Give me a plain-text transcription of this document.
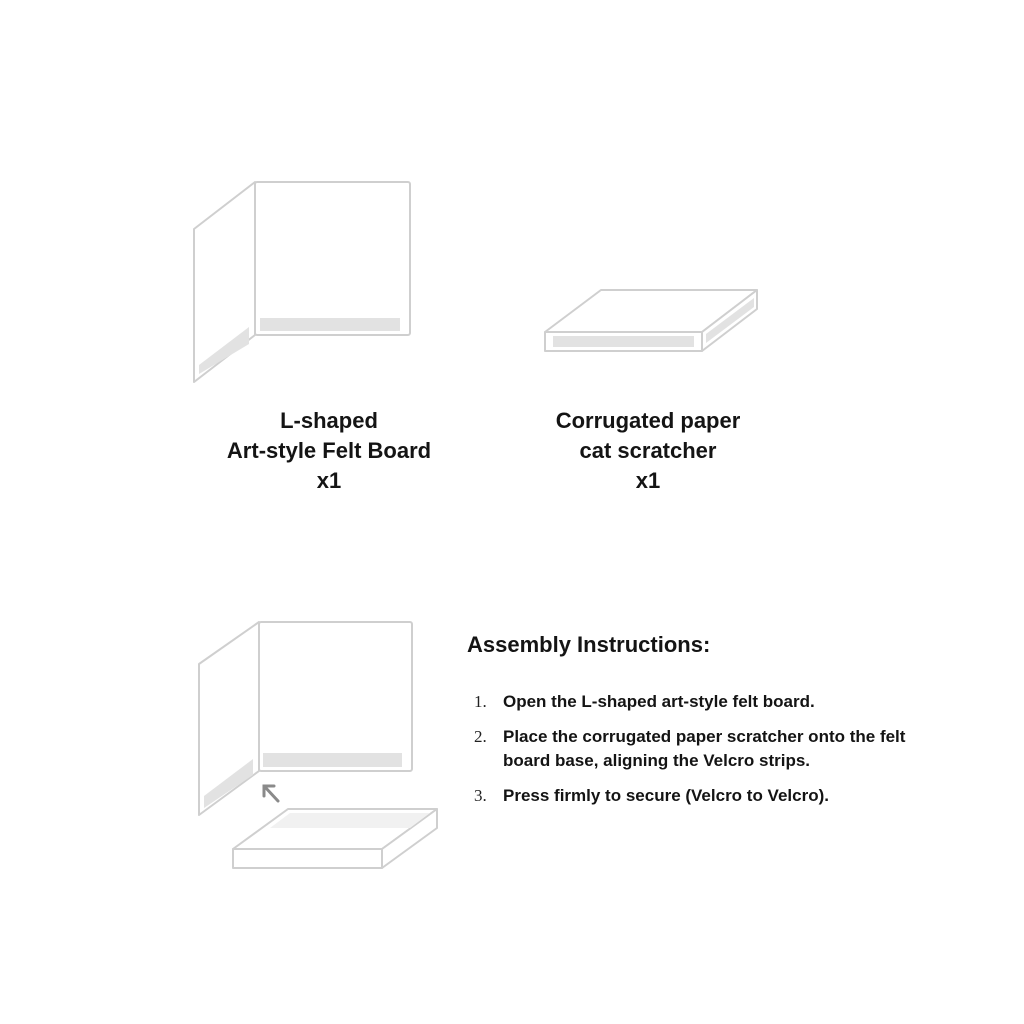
L-shaped
Art-style Felt Board
x1
Corrugated paper
cat scratcher
x1
Assembly Instructions:
1. Open the L-shaped art-style felt board.
2. Place the corrugated paper scratcher onto the felt board base, aligning the Velcro strips.
3. Press firmly to secure (Velcro to Velcro).
